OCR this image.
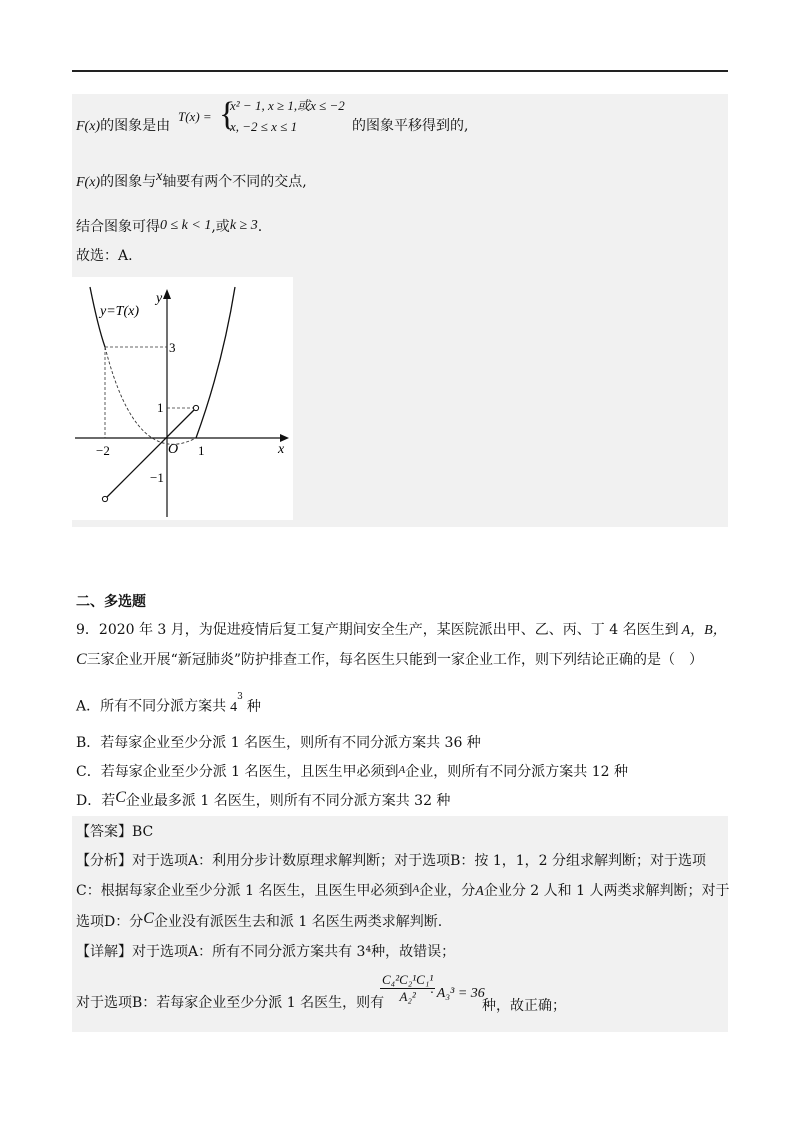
F(x)的图象是由
T(x) = {
x² − 1, x ≥ 1,或x ≤ −2
x, −2 ≤ x ≤ 1	的图象平移得到的,
F(x)的图象与x轴要有两个不同的交点,
结合图象可得0 ≤ k < 1,或k ≥ 3.
故选：A.
y=T(x)
y
x
O
3
1
−2	1
−1
二、多选题
9．2020 年 3 月，为促进疫情后复工复产期间安全生产，某医院派出甲、乙、丙、丁 4 名医生到 A，B，
C三家企业开展“新冠肺炎”防护排查工作，每名医生只能到一家企业工作，则下列结论正确的是（　）
A．所有不同分派方案共 $4^3$种
B．若每家企业至少分派 1 名医生，则所有不同分派方案共 36 种
C．若每家企业至少分派 1 名医生，且医生甲必须到$^A$企业，则所有不同分派方案共 12 种
D．若C企业最多派 1 名医生，则所有不同分派方案共 32 种
【答案】BC
【分析】对于选项A：利用分步计数原理求解判断；对于选项B：按 1，1，2 分组求解判断；对于选项
C：根据每家企业至少分派 1 名医生，且医生甲必须到$^A$企业，分A企业分 2 人和 1 人两类求解判断；对于
选项D：分C企业没有派医生去和派 1 名医生两类求解判断.
【详解】对于选项A：所有不同分派方案共有 3⁴种，故错误；
对于选项B：若每家企业至少分派 1 名医生，则有
$\frac{\text{C₄²C₂¹C₁¹}}{\text{A₂²}}$
· A₃³ = 36
种，故正确；
